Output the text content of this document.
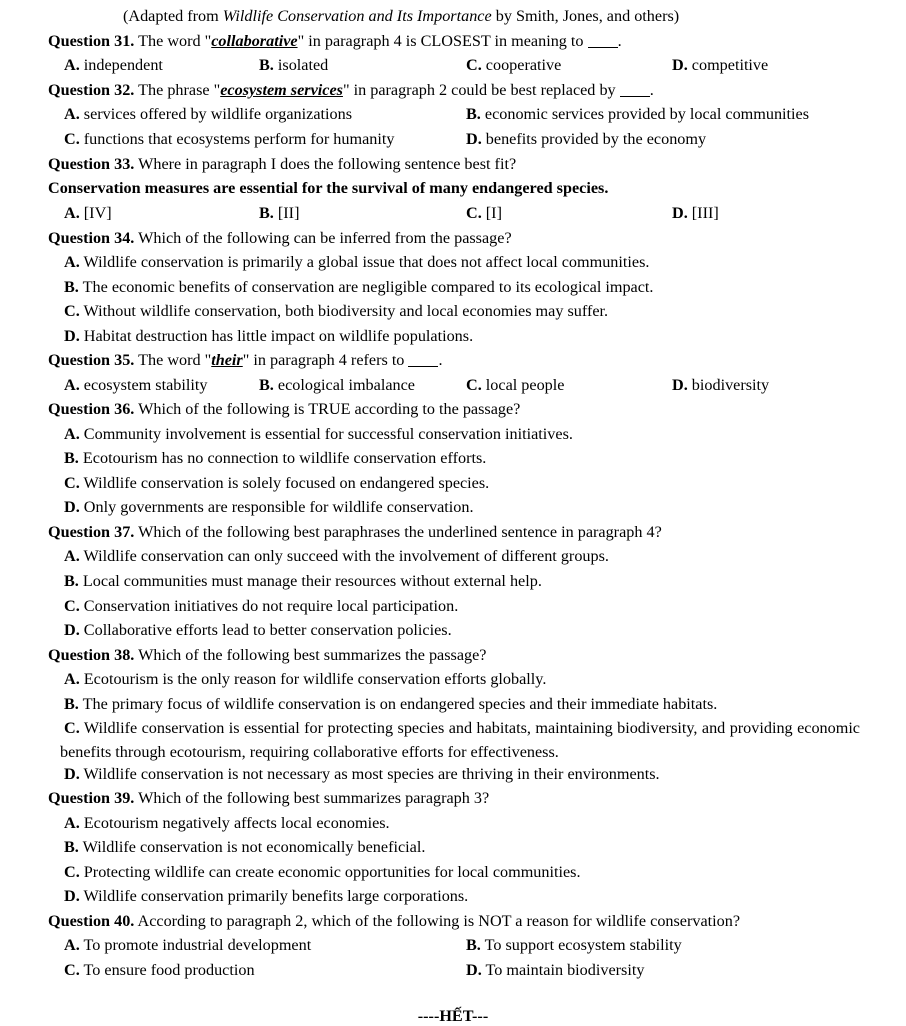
(Adapted from Wildlife Conservation and Its Importance by Smith, Jones, and others)
Question 31. The word "collaborative" in paragraph 4 is CLOSEST in meaning to .
A. independent	B. isolated	C. cooperative	D. competitive
Question 32. The phrase "ecosystem services" in paragraph 2 could be best replaced by .
A. services offered by wildlife organizations	B. economic services provided by local communities
C. functions that ecosystems perform for humanity	D. benefits provided by the economy
Question 33. Where in paragraph I does the following sentence best fit?
Conservation measures are essential for the survival of many endangered species.
A. [IV]	B. [II]	C. [I]	D. [III]
Question 34. Which of the following can be inferred from the passage?
A. Wildlife conservation is primarily a global issue that does not affect local communities.
B. The economic benefits of conservation are negligible compared to its ecological impact.
C. Without wildlife conservation, both biodiversity and local economies may suffer.
D. Habitat destruction has little impact on wildlife populations.
Question 35. The word "their" in paragraph 4 refers to .
A. ecosystem stability	B. ecological imbalance	C. local people	D. biodiversity
Question 36. Which of the following is TRUE according to the passage?
A. Community involvement is essential for successful conservation initiatives.
B. Ecotourism has no connection to wildlife conservation efforts.
C. Wildlife conservation is solely focused on endangered species.
D. Only governments are responsible for wildlife conservation.
Question 37. Which of the following best paraphrases the underlined sentence in paragraph 4?
A. Wildlife conservation can only succeed with the involvement of different groups.
B. Local communities must manage their resources without external help.
C. Conservation initiatives do not require local participation.
D. Collaborative efforts lead to better conservation policies.
Question 38. Which of the following best summarizes the passage?
A. Ecotourism is the only reason for wildlife conservation efforts globally.
B. The primary focus of wildlife conservation is on endangered species and their immediate habitats.
C. Wildlife conservation is essential for protecting species and habitats, maintaining biodiversity, and providing economic benefits through ecotourism, requiring collaborative efforts for effectiveness.
D. Wildlife conservation is not necessary as most species are thriving in their environments.
Question 39. Which of the following best summarizes paragraph 3?
A. Ecotourism negatively affects local economies.
B. Wildlife conservation is not economically beneficial.
C. Protecting wildlife can create economic opportunities for local communities.
D. Wildlife conservation primarily benefits large corporations.
Question 40. According to paragraph 2, which of the following is NOT a reason for wildlife conservation?
A. To promote industrial development	B. To support ecosystem stability
C. To ensure food production	D. To maintain biodiversity
----HẾT---
